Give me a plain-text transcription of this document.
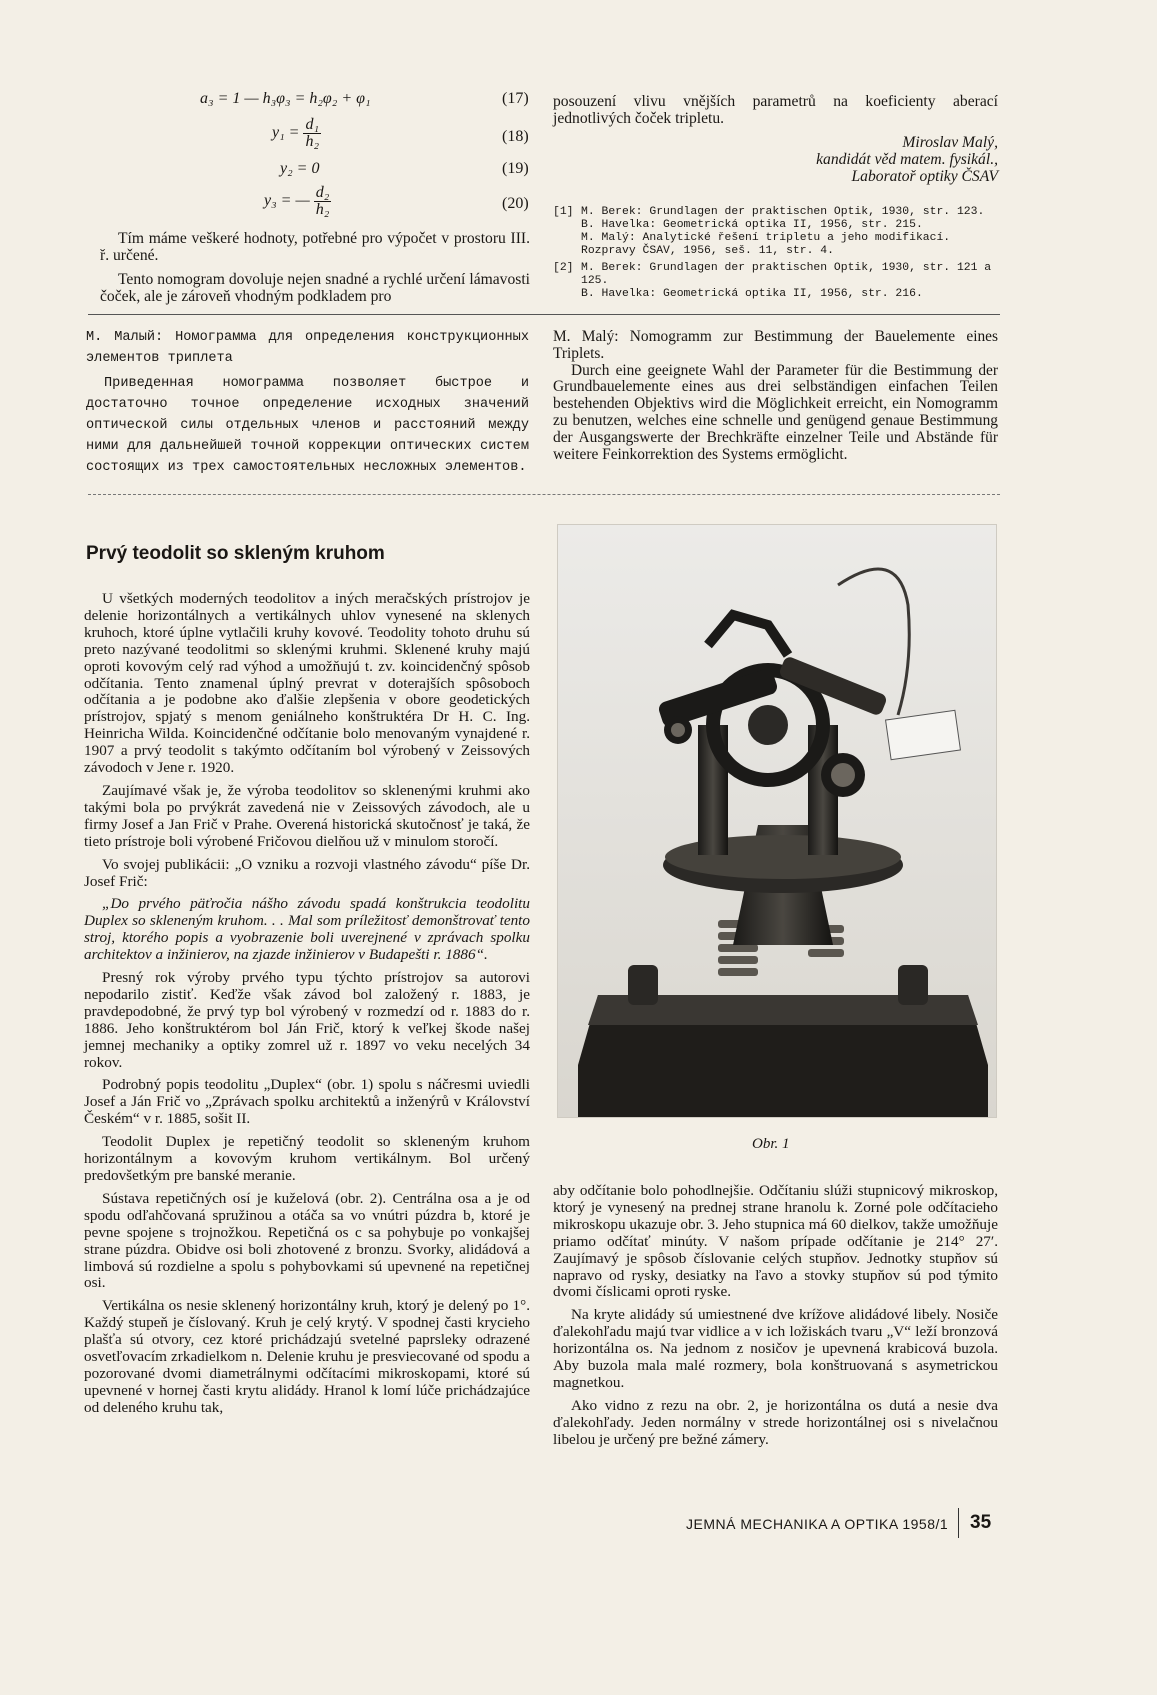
a₃ = 1 — h₃φ₃ = h₂φ₂ + φ₁	(17)
$y_1 = \frac{\text{d₁}}{\text{h₂}}$	(18)
y₂ = 0	(19)
y₃ = — $\frac{\text{d₂}}{\text{h₂}}$	(20)

Tím máme veškeré hodnoty, potřebné pro výpočet v prostoru III. ř. určené.

Tento nomogram dovoluje nejen snadné a rychlé určení lámavosti čoček, ale je zároveň vhodným podkladem pro

posouzení vlivu vnějších parametrů na koeficienty aberací jednotlivých čoček tripletu.

Miroslav Malý,
kandidát věd matem. fysikál.,
Laboratoř optiky ČSAV
[1] M. Berek: Grundlagen der praktischen Optik, 1930, str. 123.
B. Havelka: Geometrická optika II, 1956, str. 215.
M. Malý: Analytické řešení tripletu a jeho modifikací. Rozpravy ČSAV, 1956, seš. 11, str. 4.
[2] M. Berek: Grundlagen der praktischen Optik, 1930, str. 121 a 125.
B. Havelka: Geometrická optika II, 1956, str. 216.

М. Малый: Номограмма для определения конструкционных элементов триплета

Приведенная номограмма позволяет быстрое и достаточно точное определение исходных значений оптической силы отдельных членов и расстояний между ними для дальнейшей точной коррекции оптических систем состоящих из трех самостоятельных несложных элементов.

M. Malý: Nomogramm zur Bestimmung der Bauelemente eines Triplets.

Durch eine geeignete Wahl der Parameter für die Bestimmung der Grundbauelemente eines aus drei selbständigen einfachen Teilen bestehenden Objektivs wird die Möglichkeit erreicht, ein Nomogramm zu benutzen, welches eine schnelle und genügend genaue Bestimmung der Ausgangswerte der Brechkräfte einzelner Teile und Abstände für weitere Feinkorrektion des Systems ermöglicht.

Prvý teodolit so skleným kruhom

U všetkých moderných teodolitov a iných meračských prístrojov je delenie horizontálnych a vertikálnych uhlov vynesené na sklenych kruhoch, ktoré úplne vytlačili kruhy kovové. Teodolity tohoto druhu sú preto nazývané teodolitmi so sklenými kruhmi. Sklenené kruhy majú oproti kovovým celý rad výhod a umožňujú t. zv. koincidenčný spôsob odčítania. Tento znamenal úplný prevrat v doterajších spôsoboch odčítania a je podobne ako ďalšie zlepšenia v obore geodetických prístrojov, spjatý s menom geniálneho konštruktéra Dr H. C. Ing. Heinricha Wilda. Koincidenčné odčítanie bolo menovaným vynajdené r. 1907 a prvý teodolit s takýmto odčítaním bol výrobený v Zeissových závodoch v Jene r. 1920.

Zaujímavé však je, že výroba teodolitov so sklenenými kruhmi ako takými bola po prvýkrát zavedená nie v Zeissových závodoch, ale u firmy Josef a Jan Frič v Prahe. Overená historická skutočnosť je taká, že tieto prístroje boli výrobené Fričovou dielňou už v minulom storočí.

Vo svojej publikácii: „O vzniku a rozvoji vlastného závodu“ píše Dr. Josef Frič:

„Do prvého päťročia nášho závodu spadá konštrukcia teodolitu Duplex so skleneným kruhom. . . Mal som príležitosť demonštrovať tento stroj, ktorého popis a vyobrazenie boli uverejnené v zprávach spolku architektov a inžinierov, na zjazde inžinierov v Budapešti r. 1886“.

Presný rok výroby prvého typu týchto prístrojov sa autorovi nepodarilo zistiť. Keďže však závod bol založený r. 1883, je pravdepodobné, že prvý typ bol výrobený v rozmedzí od r. 1883 do r. 1886. Jeho konštruktérom bol Ján Frič, ktorý k veľkej škode našej jemnej mechaniky a optiky zomrel už r. 1897 vo veku necelých 34 rokov.

Podrobný popis teodolitu „Duplex“ (obr. 1) spolu s náčresmi uviedli Josef a Ján Frič vo „Zprávach spolku architektů a inženýrů v Království Českém“ v r. 1885, sošit II.

Teodolit Duplex je repetičný teodolit so skleneným kruhom horizontálnym a kovovým kruhom vertikálnym. Bol určený predovšetkým pre banské meranie.

Sústava repetičných osí je kuželová (obr. 2). Centrálna osa a je od spodu odľahčovaná spružinou a otáča sa vo vnútri púzdra b, ktoré je pevne spojene s trojnožkou. Repetičná os c sa pohybuje po vonkajšej strane púzdra. Obidve osi boli zhotovené z bronzu. Svorky, alidádová a limbová sú rozdielne a spolu s pohybovkami sú upevnené na repetičnej osi.

Vertikálna os nesie sklenený horizontálny kruh, ktorý je delený po 1°. Každý stupeň je číslovaný. Kruh je celý krytý. V spodnej časti krycieho plašťa sú otvory, cez ktoré prichádzajú svetelné paprsleky odrazené osvetľovacím zrkadielkom n. Delenie kruhu je presviecované od spodu a pozorované dvomi diametrálnymi odčítacími mikroskopami, ktoré sú upevnené v hornej časti krytu alidády. Hranol k lomí lúče prichádzajúce od deleného kruhu tak,

Obr. 1

aby odčítanie bolo pohodlnejšie. Odčítaniu slúži stupnicový mikroskop, ktorý je vynesený na prednej strane hranolu k. Zorné pole odčítacieho mikroskopu ukazuje obr. 3. Jeho stupnica má 60 dielkov, takže umožňuje priamo odčítať minúty. V našom prípade odčítanie je 214° 27′. Zaujímavý je spôsob číslovanie celých stupňov. Jednotky stupňov sú napravo od rysky, desiatky na ľavo a stovky stupňov sú pod týmito dvomi číslicami oproti ryske.

Na kryte alidády sú umiestnené dve krížove alidádové libely. Nosiče ďalekohľadu majú tvar vidlice a v ich ložiskách tvaru „V“ leží bronzová horizontálna os. Na jednom z nosičov je upevnená krabicová buzola. Aby buzola mala malé rozmery, bola konštruovaná s asymetrickou magnetkou.

Ako vidno z rezu na obr. 2, je horizontálna os dutá a nesie dva ďalekohľady. Jeden normálny v strede horizontálnej osi s nivelačnou libelou je určený pre bežné zámery.

JEMNÁ MECHANIKA A OPTIKA 1958/1 35
